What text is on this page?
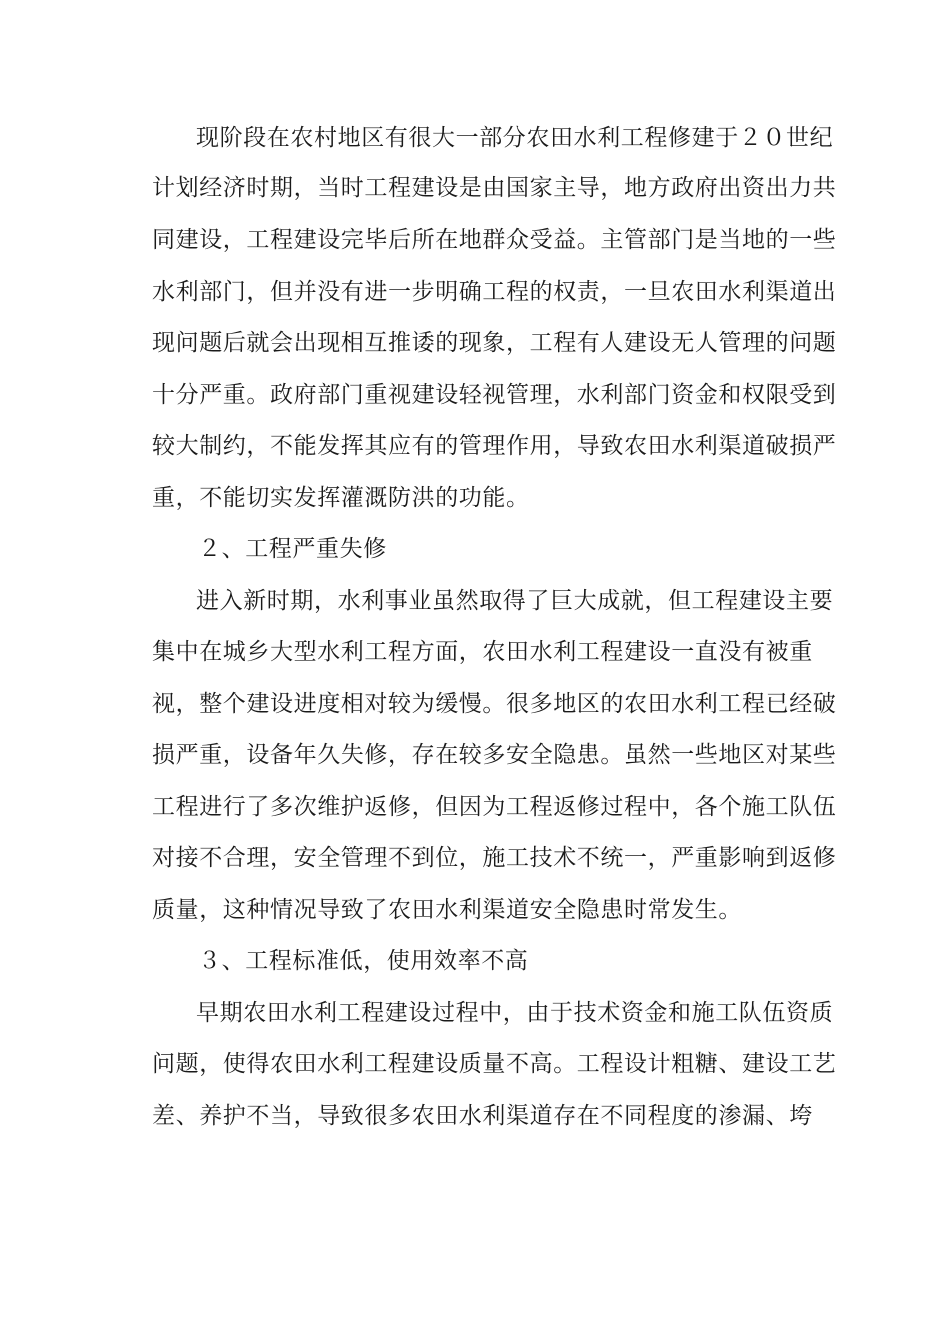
现阶段在农村地区有很大一部分农田水利工程修建于２０世纪
计划经济时期，当时工程建设是由国家主导，地方政府出资出力共
同建设，工程建设完毕后所在地群众受益。主管部门是当地的一些
水利部门，但并没有进一步明确工程的权责，一旦农田水利渠道出
现问题后就会出现相互推诿的现象，工程有人建设无人管理的问题
十分严重。政府部门重视建设轻视管理，水利部门资金和权限受到
较大制约，不能发挥其应有的管理作用，导致农田水利渠道破损严
重，不能切实发挥灌溉防洪的功能。
２、工程严重失修
进入新时期，水利事业虽然取得了巨大成就，但工程建设主要
集中在城乡大型水利工程方面，农田水利工程建设一直没有被重
视，整个建设进度相对较为缓慢。很多地区的农田水利工程已经破
损严重，设备年久失修，存在较多安全隐患。虽然一些地区对某些
工程进行了多次维护返修，但因为工程返修过程中，各个施工队伍
对接不合理，安全管理不到位，施工技术不统一，严重影响到返修
质量，这种情况导致了农田水利渠道安全隐患时常发生。
３、工程标准低，使用效率不高
早期农田水利工程建设过程中，由于技术资金和施工队伍资质
问题，使得农田水利工程建设质量不高。工程设计粗糖、建设工艺
差、养护不当，导致很多农田水利渠道存在不同程度的渗漏、垮
